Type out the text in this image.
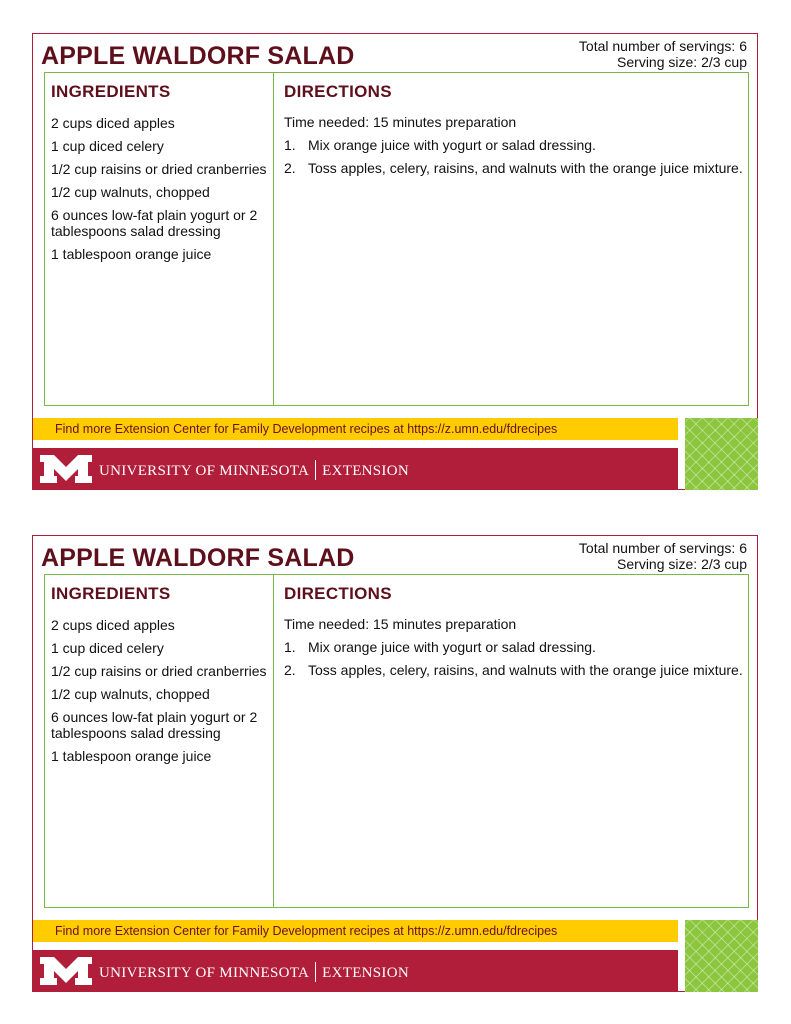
APPLE WALDORF SALAD	Total number of servings: 6
Serving size: 2/3 cup
INGREDIENTS
2 cups diced apples
1 cup diced celery
1/2 cup raisins or dried cranberries
1/2 cup walnuts, chopped
6 ounces low-fat plain yogurt or 2 tablespoons salad dressing
1 tablespoon orange juice
DIRECTIONS
Time needed: 15 minutes preparation
1. Mix orange juice with yogurt or salad dressing.
2. Toss apples, celery, raisins, and walnuts with the orange juice mixture.
Find more Extension Center for Family Development recipes at https://z.umn.edu/fdrecipes
UNIVERSITY OF MINNESOTA EXTENSION
APPLE WALDORF SALAD	Total number of servings: 6
Serving size: 2/3 cup
INGREDIENTS
2 cups diced apples
1 cup diced celery
1/2 cup raisins or dried cranberries
1/2 cup walnuts, chopped
6 ounces low-fat plain yogurt or 2 tablespoons salad dressing
1 tablespoon orange juice
DIRECTIONS
Time needed: 15 minutes preparation
1. Mix orange juice with yogurt or salad dressing.
2. Toss apples, celery, raisins, and walnuts with the orange juice mixture.
Find more Extension Center for Family Development recipes at https://z.umn.edu/fdrecipes
UNIVERSITY OF MINNESOTA EXTENSION
